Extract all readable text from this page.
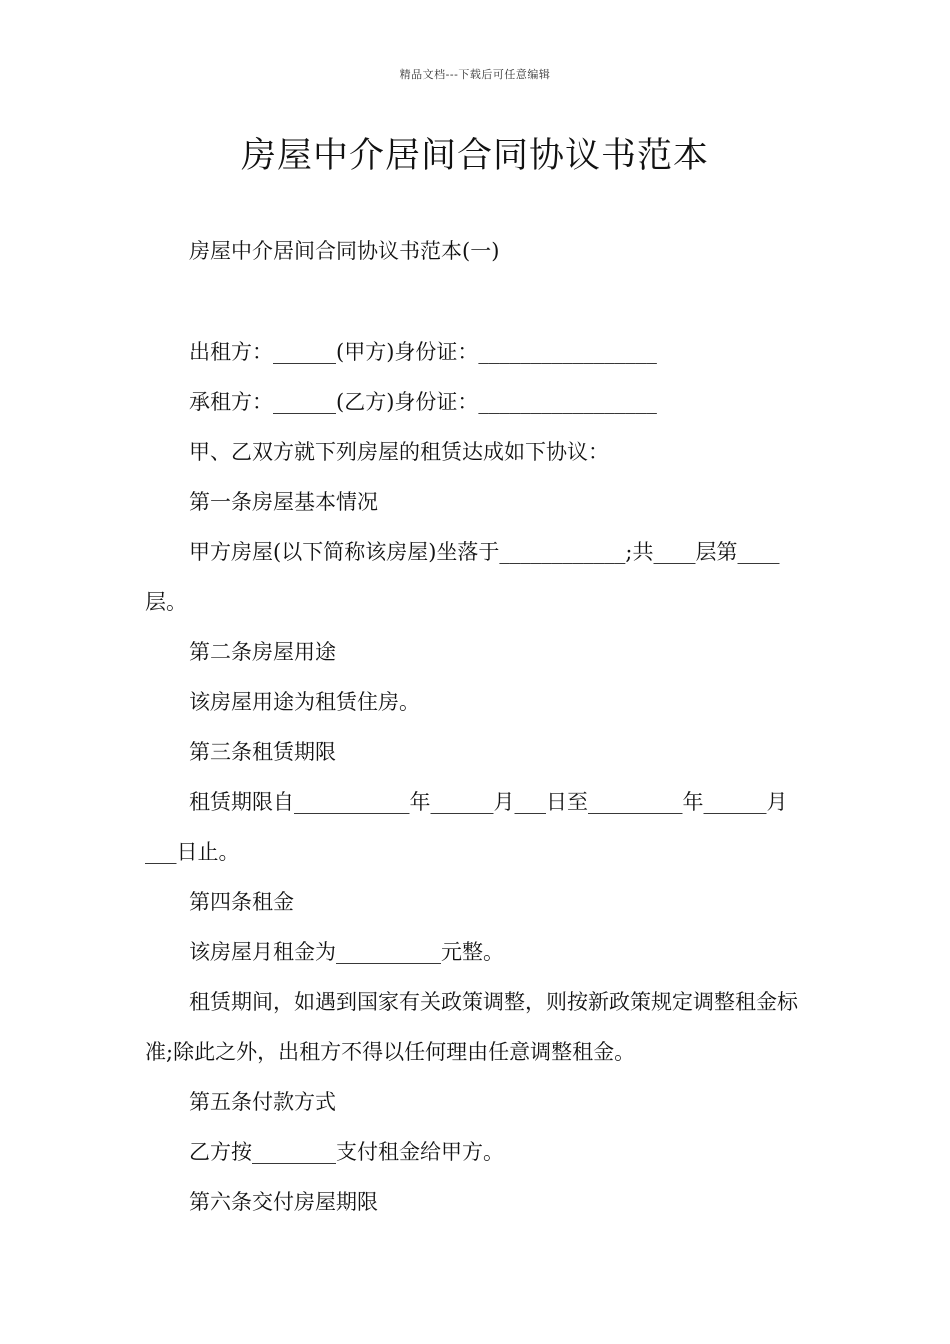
精品文档---下载后可任意编辑
房屋中介居间合同协议书范本

房屋中介居间合同协议书范本(一)

出租方：______(甲方)身份证：_________________

承租方：______(乙方)身份证：_________________

甲、乙双方就下列房屋的租赁达成如下协议：

第一条房屋基本情况

甲方房屋(以下简称该房屋)坐落于____________;共____层第____层。

第二条房屋用途

该房屋用途为租赁住房。

第三条租赁期限

租赁期限自___________年______月___日至_________年______月___日止。

第四条租金

该房屋月租金为__________元整。

租赁期间，如遇到国家有关政策调整，则按新政策规定调整租金标准;除此之外，出租方不得以任何理由任意调整租金。

第五条付款方式

乙方按________支付租金给甲方。

第六条交付房屋期限
